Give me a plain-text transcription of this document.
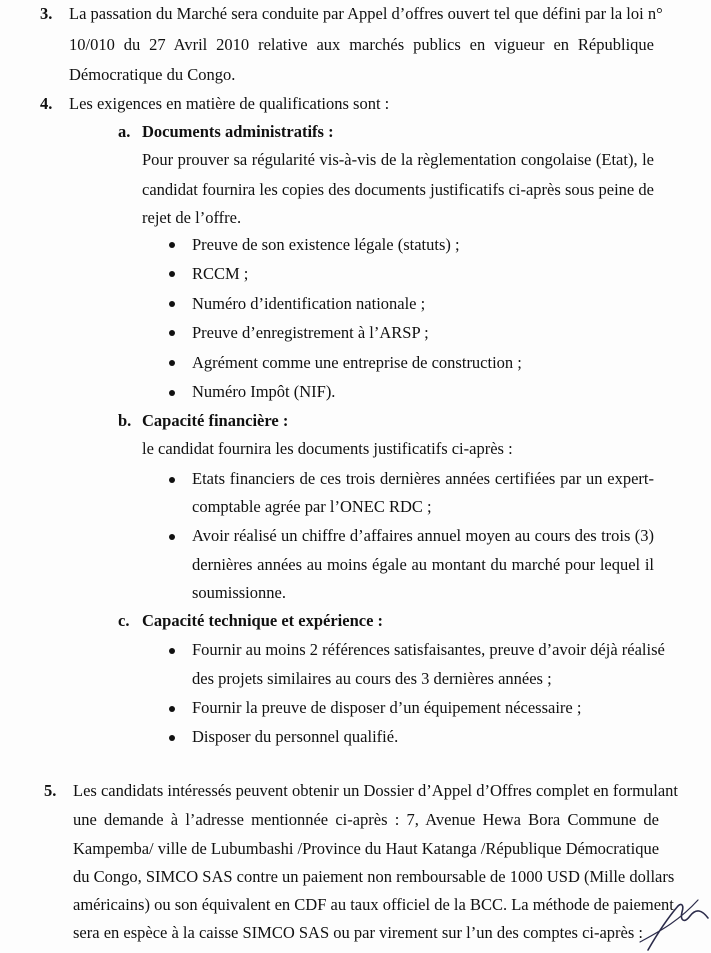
3. La passation du Marché sera conduite par Appel d’offres ouvert tel que défini par la loi n°
10/010 du 27 Avril 2010 relative aux marchés publics en vigueur en République
Démocratique du Congo.
4. Les exigences en matière de qualifications sont :
a. Documents administratifs :
Pour prouver sa régularité vis-à-vis de la règlementation congolaise (Etat), le
candidat fournira les copies des documents justificatifs ci-après sous peine de
rejet de l’offre.
Preuve de son existence légale (statuts) ;
RCCM ;
Numéro d’identification nationale ;
Preuve d’enregistrement à l’ARSP ;
Agrément comme une entreprise de construction ;
Numéro Impôt (NIF).
b. Capacité financière :
le candidat fournira les documents justificatifs ci-après :
Etats financiers de ces trois dernières années certifiées par un expert-
comptable agrée par l’ONEC RDC ;
Avoir réalisé un chiffre d’affaires annuel moyen au cours des trois (3)
dernières années au moins égale au montant du marché pour lequel il
soumissionne.
c. Capacité technique et expérience :
Fournir au moins 2 références satisfaisantes, preuve d’avoir déjà réalisé
des projets similaires au cours des 3 dernières années ;
Fournir la preuve de disposer d’un équipement nécessaire ;
Disposer du personnel qualifié.
5. Les candidats intéressés peuvent obtenir un Dossier d’Appel d’Offres complet en formulant
une demande à l’adresse mentionnée ci-après : 7, Avenue Hewa Bora Commune de
Kampemba/ ville de Lubumbashi /Province du Haut Katanga /République Démocratique
du Congo, SIMCO SAS contre un paiement non remboursable de 1000 USD (Mille dollars
américains) ou son équivalent en CDF au taux officiel de la BCC. La méthode de paiement
sera en espèce à la caisse SIMCO SAS ou par virement sur l’un des comptes ci-après :
